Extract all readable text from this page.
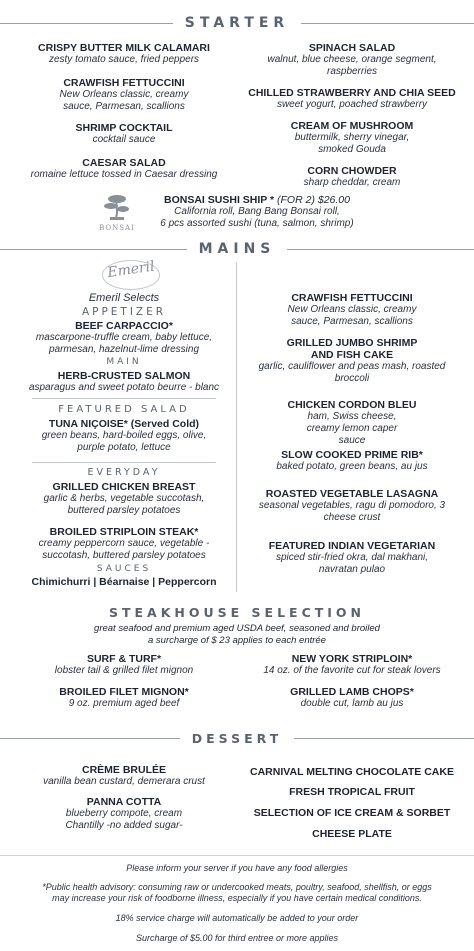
STARTER
CRISPY BUTTER MILK CALAMARI
zesty tomato sauce, fried peppers
CRAWFISH FETTUCCINI
New Orleans classic, creamy sauce, Parmesan, scallions
SHRIMP COCKTAIL
cocktail sauce
CAESAR SALAD
romaine lettuce tossed in Caesar dressing
SPINACH SALAD
walnut, blue cheese, orange segment, raspberries
CHILLED STRAWBERRY AND CHIA SEED
sweet yogurt, poached strawberry
CREAM OF MUSHROOM
buttermilk, sherry vinegar, smoked Gouda
CORN CHOWDER
sharp cheddar, cream
BONSAI
BONSAI SUSHI SHIP * (FOR 2) $26.00
California roll, Bang Bang Bonsai roll,
6 pcs assorted sushi (tuna, salmon, shrimp)
MAINS
Emeril
Emeril Selects
APPETIZER
BEEF CARPACCIO*
mascarpone-truffle cream, baby lettuce, parmesan, hazelnut-lime dressing
MAIN
HERB-CRUSTED SALMON
asparagus and sweet potato beurre - blanc
FEATURED SALAD
TUNA NIÇOISE* (Served Cold)
green beans, hard-boiled eggs, olive, purple potato, lettuce
EVERYDAY
GRILLED CHICKEN BREAST
garlic & herbs, vegetable succotash, buttered parsley potatoes
BROILED STRIPLOIN STEAK*
creamy peppercorn sauce, vegetable - succotash, buttered parsley potatoes
SAUCES
Chimichurri | Béarnaise | Peppercorn
CRAWFISH FETTUCCINI
New Orleans classic, creamy sauce, Parmesan, scallions
GRILLED JUMBO SHRIMP AND FISH CAKE
garlic, cauliflower and peas mash, roasted broccoli
CHICKEN CORDON BLEU
ham, Swiss cheese, creamy lemon caper sauce
SLOW COOKED PRIME RIB*
baked potato, green beans, au jus
ROASTED VEGETABLE LASAGNA
seasonal vegetables, ragu di pomodoro, 3 cheese crust
FEATURED INDIAN VEGETARIAN
spiced stir-fried okra, dal makhani, navratan pulao
STEAKHOUSE SELECTION
great seafood and premium aged USDA beef, seasoned and broiled
a surcharge of $ 23 applies to each entrée
SURF & TURF*
lobster tail & grilled filet mignon
BROILED FILET MIGNON*
9 oz. premium aged beef
NEW YORK STRIPLOIN*
14 oz. of the favorite cut for steak lovers
GRILLED LAMB CHOPS*
double cut, lamb au jus
DESSERT
CRÈME BRULÉE
vanilla bean custard, demerara crust
PANNA COTTA
blueberry compote, cream Chantilly -no added sugar-
CARNIVAL MELTING CHOCOLATE CAKE
FRESH TROPICAL FRUIT
SELECTION OF ICE CREAM & SORBET
CHEESE PLATE
Please inform your server if you have any food allergies
*Public health advisory: consuming raw or undercooked meats, poultry, seafood, shellfish, or eggs may increase your risk of foodborne illness, especially if you have certain medical conditions.
18% service charge will automatically be added to your order
Surcharge of $5.00 for third entree or more applies
